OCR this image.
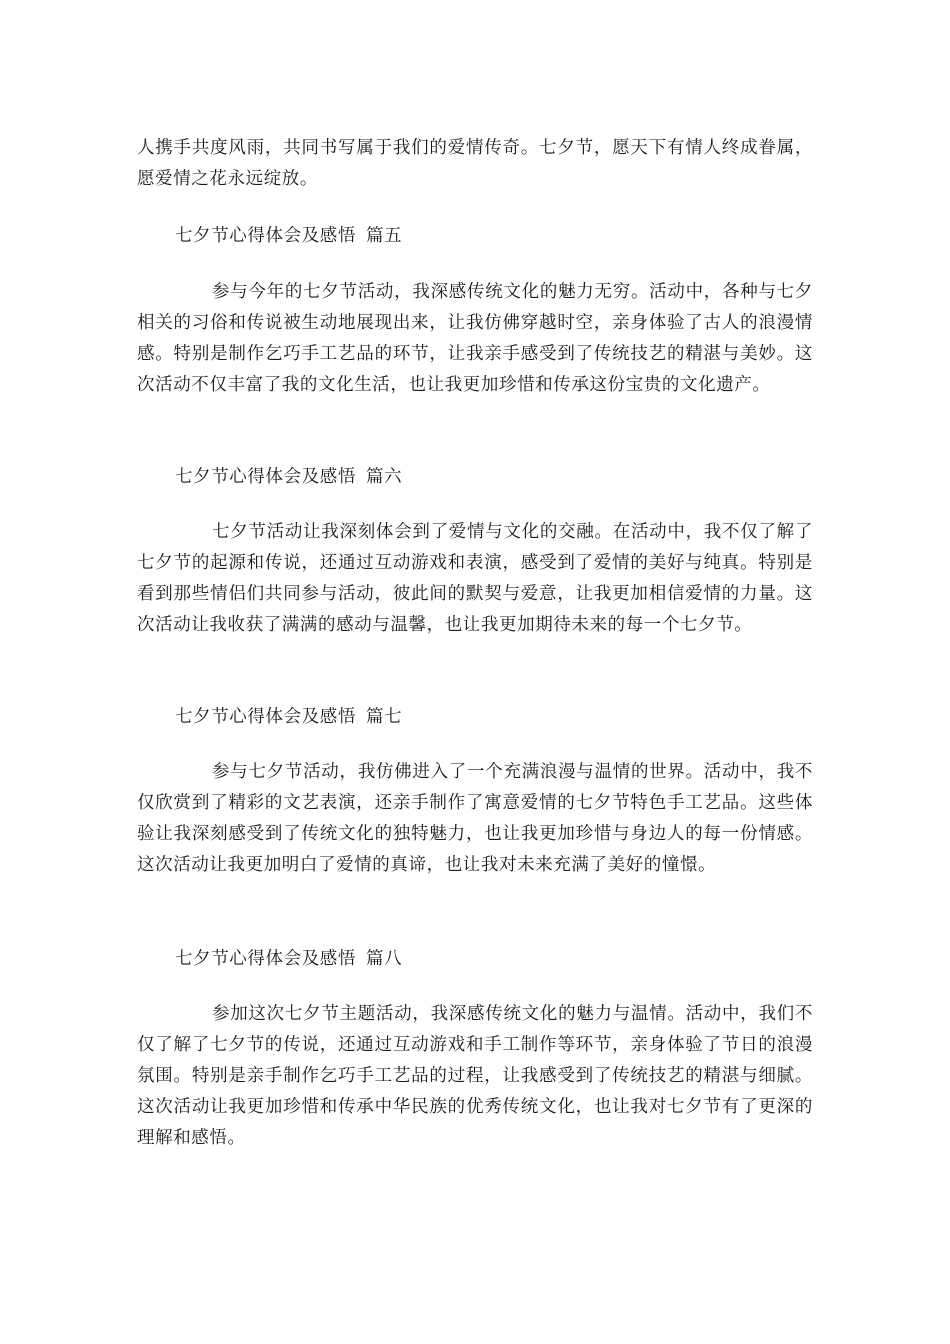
人携手共度风雨，共同书写属于我们的爱情传奇。七夕节，愿天下有情人终成眷属，愿爱情之花永远绽放。

七夕节心得体会及感悟 篇五

参与今年的七夕节活动，我深感传统文化的魅力无穷。活动中，各种与七夕相关的习俗和传说被生动地展现出来，让我仿佛穿越时空，亲身体验了古人的浪漫情感。特别是制作乞巧手工艺品的环节，让我亲手感受到了传统技艺的精湛与美妙。这次活动不仅丰富了我的文化生活，也让我更加珍惜和传承这份宝贵的文化遗产。

七夕节心得体会及感悟 篇六

七夕节活动让我深刻体会到了爱情与文化的交融。在活动中，我不仅了解了七夕节的起源和传说，还通过互动游戏和表演，感受到了爱情的美好与纯真。特别是看到那些情侣们共同参与活动，彼此间的默契与爱意，让我更加相信爱情的力量。这次活动让我收获了满满的感动与温馨，也让我更加期待未来的每一个七夕节。

七夕节心得体会及感悟 篇七

参与七夕节活动，我仿佛进入了一个充满浪漫与温情的世界。活动中，我不仅欣赏到了精彩的文艺表演，还亲手制作了寓意爱情的七夕节特色手工艺品。这些体验让我深刻感受到了传统文化的独特魅力，也让我更加珍惜与身边人的每一份情感。这次活动让我更加明白了爱情的真谛，也让我对未来充满了美好的憧憬。

七夕节心得体会及感悟 篇八

参加这次七夕节主题活动，我深感传统文化的魅力与温情。活动中，我们不仅了解了七夕节的传说，还通过互动游戏和手工制作等环节，亲身体验了节日的浪漫氛围。特别是亲手制作乞巧手工艺品的过程，让我感受到了传统技艺的精湛与细腻。这次活动让我更加珍惜和传承中华民族的优秀传统文化，也让我对七夕节有了更深的理解和感悟。
